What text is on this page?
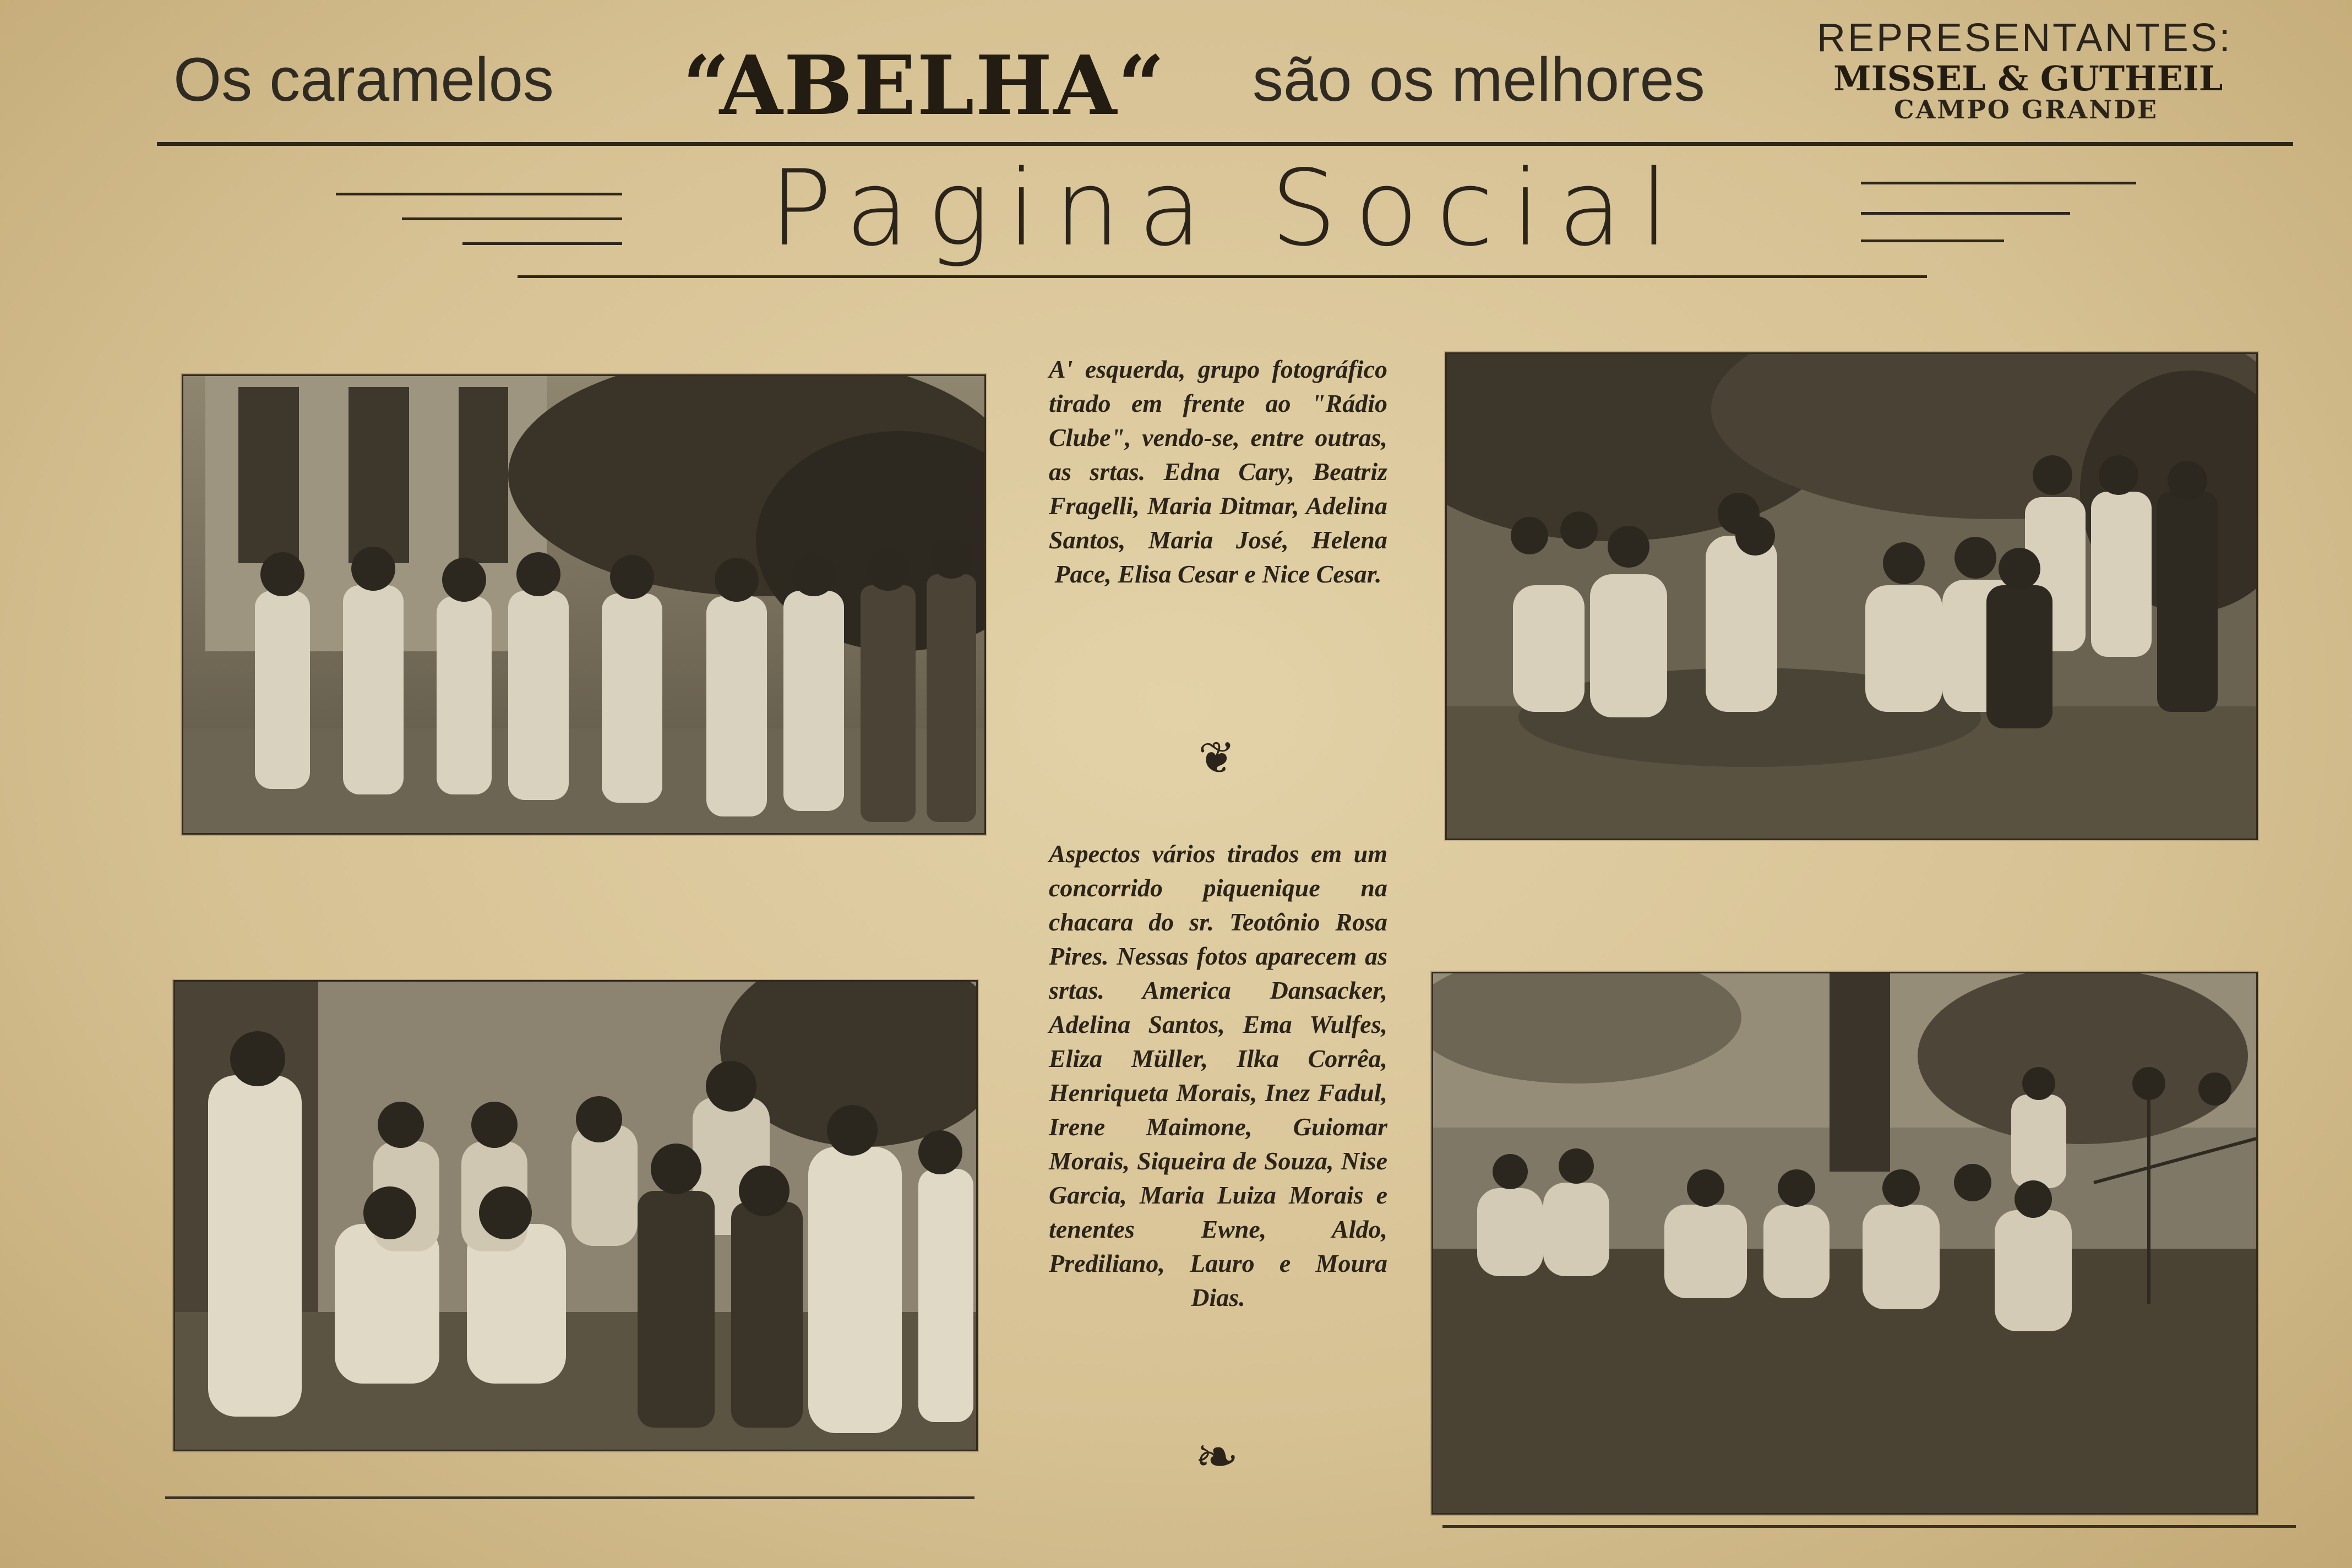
Os caramelos “ABELHA“ são os melhores
REPRESENTANTES:
MISSEL & GUTHEIL
CAMPO GRANDE
Pagina Social
A' esquerda, grupo fotográfico tirado em frente ao "Rádio Clube", vendo-se, entre outras, as srtas. Edna Cary, Beatriz Fragelli, Maria Ditmar, Adelina Santos, Maria José, Helena Pace, Elisa Cesar e Nice Cesar.
❦
Aspectos vários tirados em um concorrido piquenique na chacara do sr. Teotônio Rosa Pires. Nessas fotos aparecem as srtas. America Dansacker, Adelina Santos, Ema Wulfes, Eliza Müller, Ilka Corrêa, Henriqueta Morais, Inez Fadul, Irene Maimone, Guiomar Morais, Siqueira de Souza, Nise Garcia, Maria Luiza Morais e tenentes Ewne, Aldo, Prediliano, Lauro e Moura Dias.
❧
